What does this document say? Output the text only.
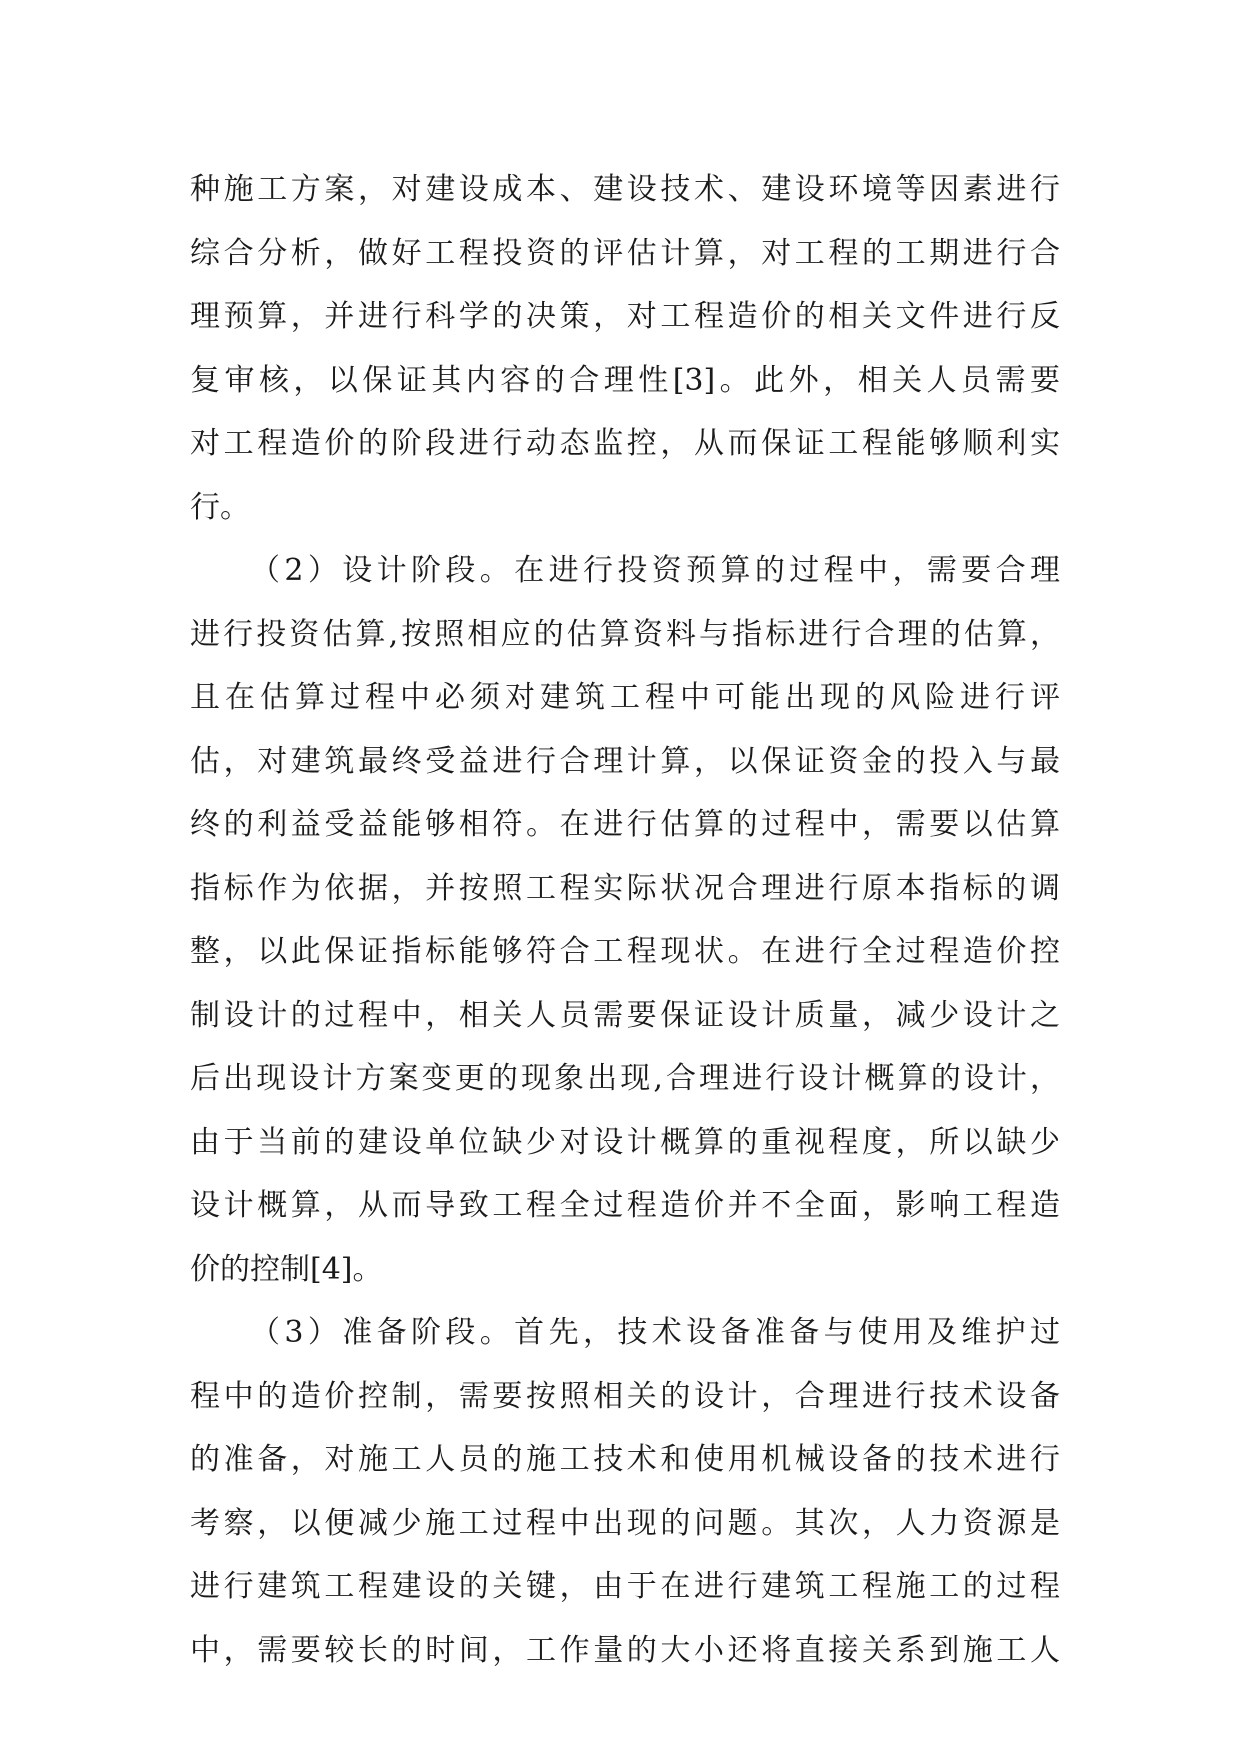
种施工方案，对建设成本、建设技术、建设环境等因素进行
综合分析，做好工程投资的评估计算，对工程的工期进行合
理预算，并进行科学的决策，对工程造价的相关文件进行反
复审核，以保证其内容的合理性[3]。此外，相关人员需要
对工程造价的阶段进行动态监控，从而保证工程能够顺利实
行。
（2）设计阶段。在进行投资预算的过程中，需要合理
进行投资估算,按照相应的估算资料与指标进行合理的估算，
且在估算过程中必须对建筑工程中可能出现的风险进行评
估，对建筑最终受益进行合理计算，以保证资金的投入与最
终的利益受益能够相符。在进行估算的过程中，需要以估算
指标作为依据，并按照工程实际状况合理进行原本指标的调
整，以此保证指标能够符合工程现状。在进行全过程造价控
制设计的过程中，相关人员需要保证设计质量，减少设计之
后出现设计方案变更的现象出现,合理进行设计概算的设计，
由于当前的建设单位缺少对设计概算的重视程度，所以缺少
设计概算，从而导致工程全过程造价并不全面，影响工程造
价的控制[4]。
（3）准备阶段。首先，技术设备准备与使用及维护过
程中的造价控制，需要按照相关的设计，合理进行技术设备
的准备，对施工人员的施工技术和使用机械设备的技术进行
考察，以便减少施工过程中出现的问题。其次，人力资源是
进行建筑工程建设的关键，由于在进行建筑工程施工的过程
中，需要较长的时间，工作量的大小还将直接关系到施工人
